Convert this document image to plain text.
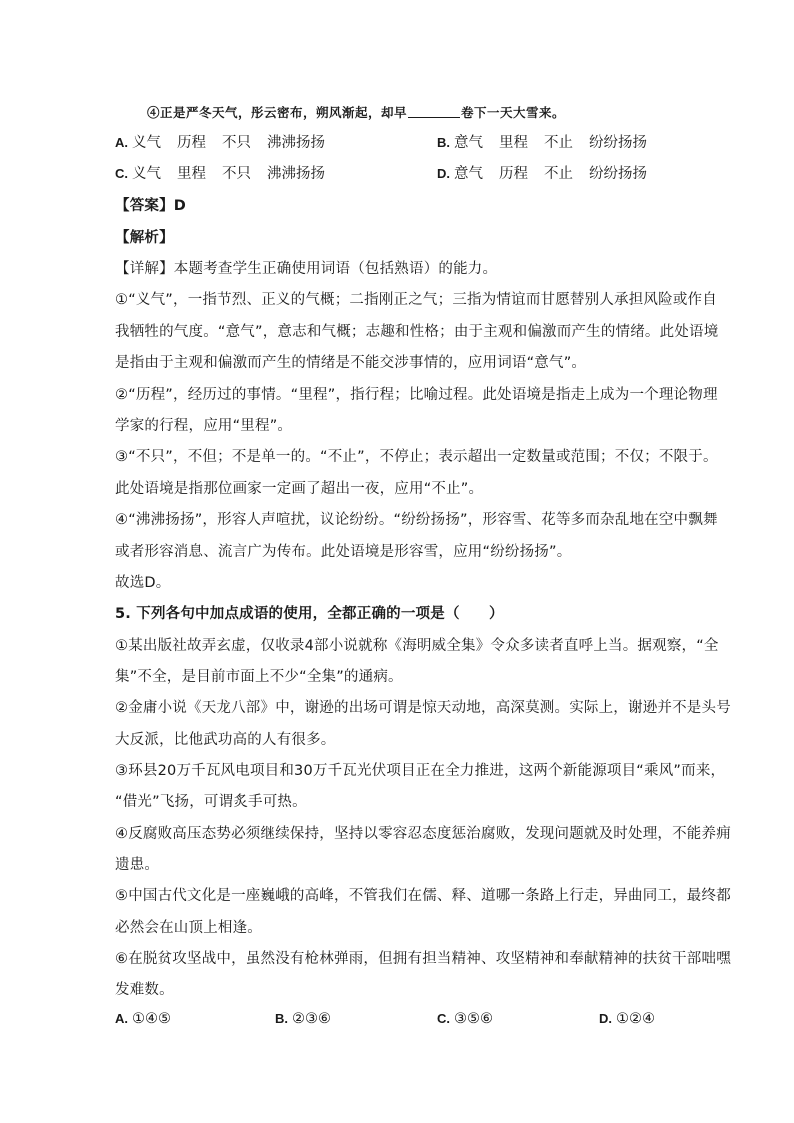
④正是严冬天气，彤云密布，朔风渐起，却早	卷下一天大雪来。
A. 义气 历程 不只 沸沸扬扬	B. 意气 里程 不止 纷纷扬扬
C. 义气 里程 不只 沸沸扬扬	D. 意气 历程 不止 纷纷扬扬
【答案】D
【解析】
【详解】本题考查学生正确使用词语（包括熟语）的能力。
①“义气”，一指节烈、正义的气概；二指刚正之气；三指为情谊而甘愿替别人承担风险或作自
我牺牲的气度。“意气”，意志和气概；志趣和性格；由于主观和偏激而产生的情绪。此处语境
是指由于主观和偏激而产生的情绪是不能交涉事情的，应用词语“意气”。
②“历程”，经历过的事情。“里程”，指行程；比喻过程。此处语境是指走上成为一个理论物理
学家的行程，应用“里程”。
③“不只”，不但；不是单一的。“不止”，不停止；表示超出一定数量或范围；不仅；不限于。
此处语境是指那位画家一定画了超出一夜，应用“不止”。
④“沸沸扬扬”，形容人声喧扰，议论纷纷。“纷纷扬扬”，形容雪、花等多而杂乱地在空中飘舞
或者形容消息、流言广为传布。此处语境是形容雪，应用“纷纷扬扬”。
故选D。
5. 下列各句中加点成语的使用，全都正确的一项是（　　）
①某出版社故弄玄虚，仅收录4部小说就称《海明威全集》令众多读者直呼上当。据观察，“全
集”不全，是目前市面上不少“全集”的通病。
②金庸小说《天龙八部》中，谢逊的出场可谓是惊天动地，高深莫测。实际上，谢逊并不是头号
大反派，比他武功高的人有很多。
③环县20万千瓦风电项目和30万千瓦光伏项目正在全力推进，这两个新能源项目“乘风”而来，
“借光”飞扬，可谓炙手可热。
④反腐败高压态势必须继续保持，坚持以零容忍态度惩治腐败，发现问题就及时处理，不能养痈
遗患。
⑤中国古代文化是一座巍峨的高峰，不管我们在儒、释、道哪一条路上行走，异曲同工，最终都
必然会在山顶上相逢。
⑥在脱贫攻坚战中，虽然没有枪林弹雨，但拥有担当精神、攻坚精神和奉献精神的扶贫干部咄嘿
发难数。
A. ①④⑤	B. ②③⑥	C. ③⑤⑥	D. ①②④
